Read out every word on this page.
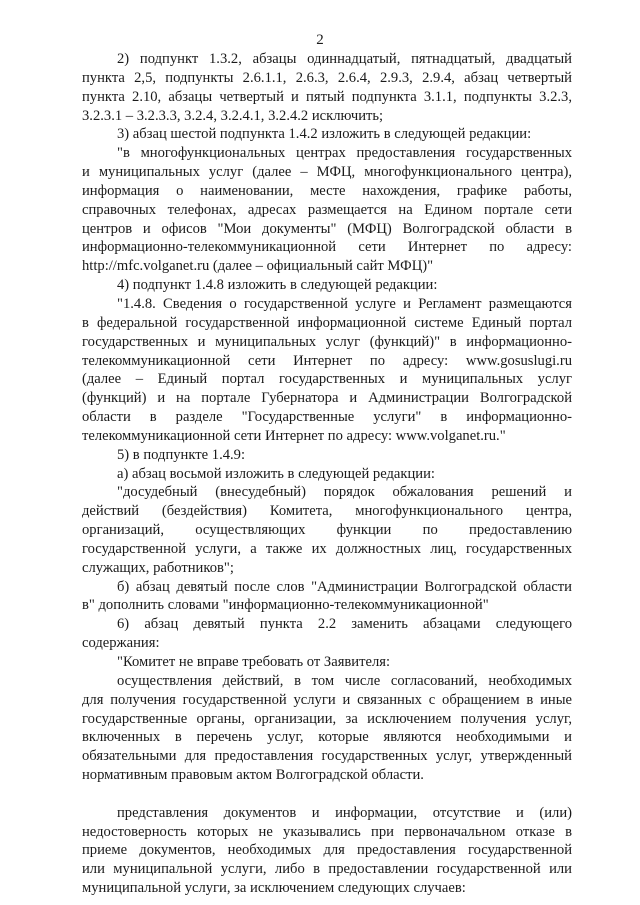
2

2) подпункт 1.3.2, абзацы одиннадцатый, пятнадцатый, двадцатый

пункта 2,5, подпункты 2.6.1.1, 2.6.3, 2.6.4, 2.9.3, 2.9.4, абзац четвертый

пункта 2.10, абзацы четвертый и пятый подпункта 3.1.1, подпункты 3.2.3,

3.2.3.1 – 3.2.3.3, 3.2.4, 3.2.4.1, 3.2.4.2 исключить;

3) абзац шестой подпункта 1.4.2 изложить в следующей редакции:

"в многофункциональных центрах предоставления государственных

и муниципальных услуг (далее – МФЦ, многофункционального центра),

информация о наименовании, месте нахождения, графике работы,

справочных телефонах, адресах размещается на Едином портале сети

центров и офисов "Мои документы" (МФЦ) Волгоградской области в

информационно-телекоммуникационной сети Интернет по адресу:

http://mfc.volganet.ru (далее – официальный сайт МФЦ)"

4) подпункт 1.4.8 изложить в следующей редакции:

"1.4.8. Сведения о государственной услуге и Регламент размещаются

в федеральной государственной информационной системе Единый портал

государственных и муниципальных услуг (функций)" в информационно-

телекоммуникационной сети Интернет по адресу: www.gosuslugi.ru

(далее – Единый портал государственных и муниципальных услуг

(функций) и на портале Губернатора и Администрации Волгоградской

области в разделе "Государственные услуги" в информационно-

телекоммуникационной сети Интернет по адресу: www.volganet.ru."

5) в подпункте 1.4.9:

а) абзац восьмой изложить в следующей редакции:

"досудебный (внесудебный) порядок обжалования решений и

действий (бездействия) Комитета, многофункционального центра,

организаций, осуществляющих функции по предоставлению

государственной услуги, а также их должностных лиц, государственных

служащих, работников";

б) абзац девятый после слов "Администрации Волгоградской области

в" дополнить словами "информационно-телекоммуникационной"

6) абзац девятый пункта 2.2 заменить абзацами следующего

содержания:

"Комитет не вправе требовать от Заявителя:

осуществления действий, в том числе согласований, необходимых

для получения государственной услуги и связанных с обращением в иные

государственные органы, организации, за исключением получения услуг,

включенных в перечень услуг, которые являются необходимыми и

обязательными для предоставления государственных услуг, утвержденный

нормативным правовым актом Волгоградской области.

представления документов и информации, отсутствие и (или)

недостоверность которых не указывались при первоначальном отказе в

приеме документов, необходимых для предоставления государственной

или муниципальной услуги, либо в предоставлении государственной или

муниципальной услуги, за исключением следующих случаев:
